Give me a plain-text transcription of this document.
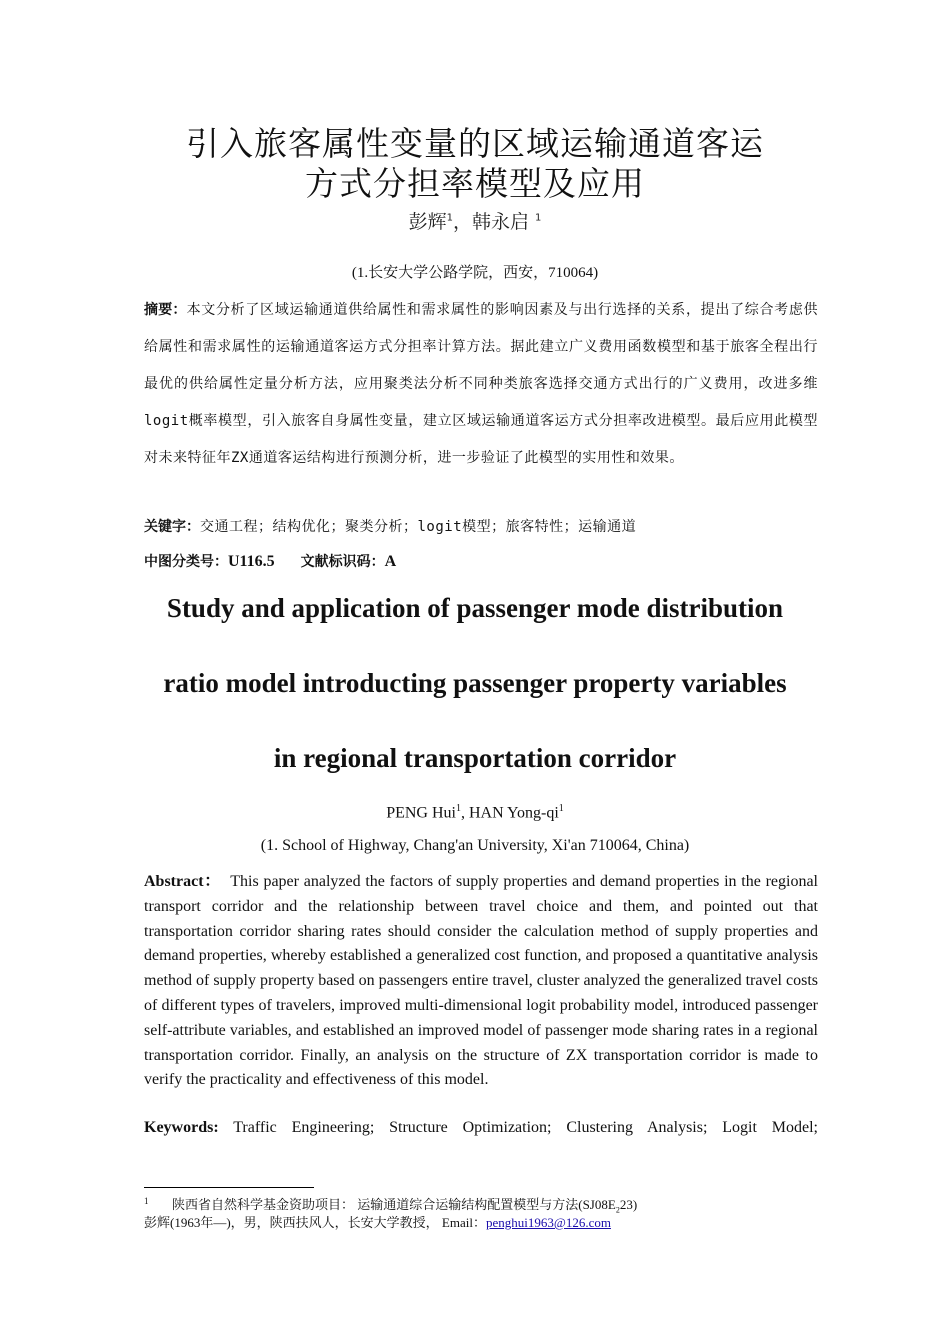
引入旅客属性变量的区域运输通道客运
方式分担率模型及应用
彭辉$^1$，韩永启 $^1$
(1.长安大学公路学院，西安，710064)
摘要：本文分析了区域运输通道供给属性和需求属性的影响因素及与出行选择的关系，提出了综合考虑供给属性和需求属性的运输通道客运方式分担率计算方法。据此建立广义费用函数模型和基于旅客全程出行最优的供给属性定量分析方法，应用聚类法分析不同种类旅客选择交通方式出行的广义费用，改进多维logit概率模型，引入旅客自身属性变量，建立区域运输通道客运方式分担率改进模型。最后应用此模型对未来特征年ZX通道客运结构进行预测分析，进一步验证了此模型的实用性和效果。
关键字：交通工程；结构优化；聚类分析；logit模型；旅客特性；运输通道
中图分类号：U116.5 文献标识码：A
Study and application of passenger mode distribution
ratio model introducting passenger property variables
in regional transportation corridor
PENG Hui$^1$, HAN Yong-$qi^1$
(1. School of Highway, Chang'an University, Xi'an 710064, China)
Abstract： This paper analyzed the factors of supply properties and demand properties in the regional transport corridor and the relationship between travel choice and them, and pointed out that transportation corridor sharing rates should consider the calculation method of supply properties and demand properties, whereby established a generalized cost function, and proposed a quantitative analysis method of supply property based on passengers entire travel, cluster analyzed the generalized travel costs of different types of travelers, improved multi-dimensional logit probability model, introduced passenger self-attribute variables, and established an improved model of passenger mode sharing rates in a regional transportation corridor. Finally, an analysis on the structure of ZX transportation corridor is made to verify the practicality and effectiveness of this model.
Keywords: Traffic Engineering; Structure Optimization; Clustering Analysis; Logit Model;
1 陕西省自然科学基金资助项目： 运输通道综合运输结构配置模型与方法$(SJ08E_223)$
彭辉(1963年—)，男，陕西扶风人，长安大学教授， Email：penghui1963@126.com
